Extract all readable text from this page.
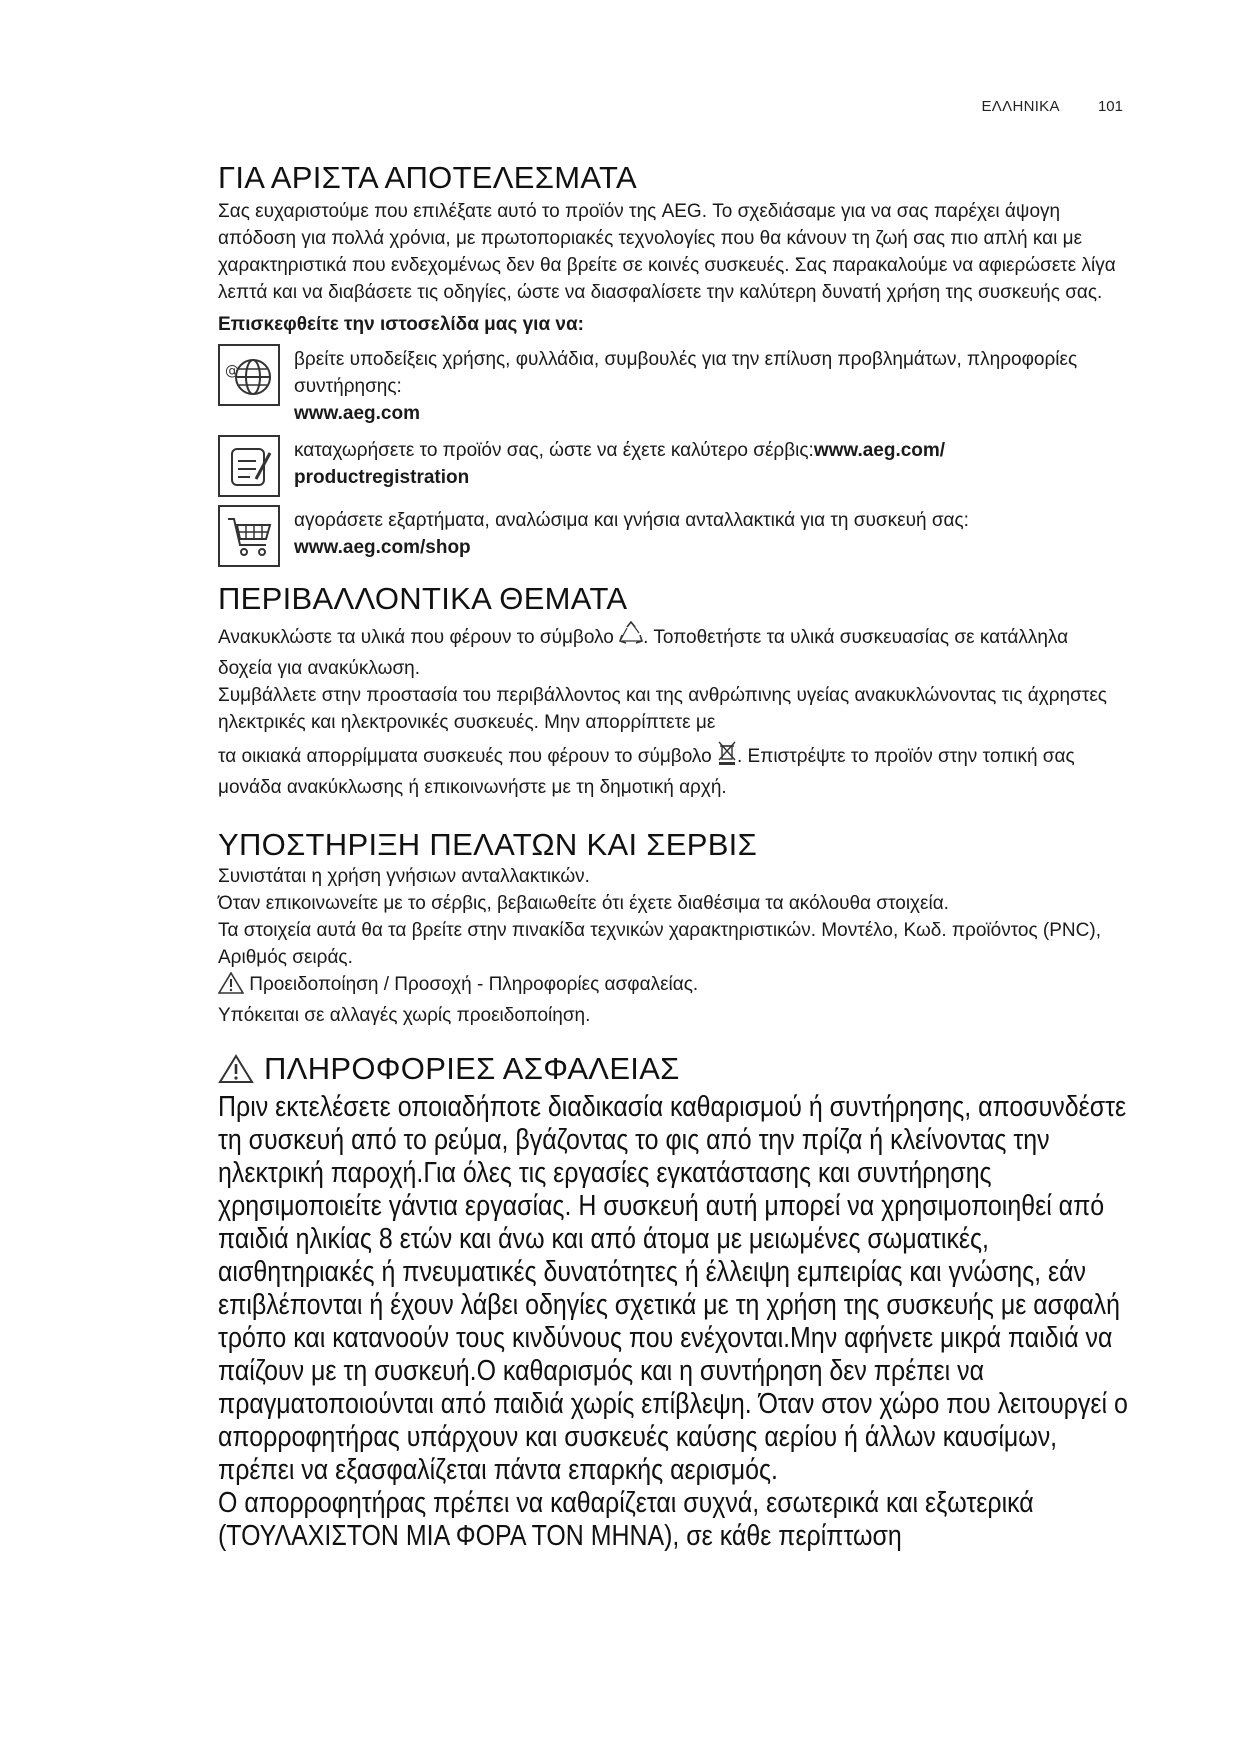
ΕΛΛΗΝΙΚΑ	101
ΓΙΑ ΑΡΙΣΤΑ ΑΠΟΤΕΛΕΣΜΑΤΑ

Σας ευχαριστούμε που επιλέξατε αυτό το προϊόν της AEG. Το σχεδιάσαμε για να σας παρέχει άψογη απόδοση για πολλά χρόνια, με πρωτοποριακές τεχνολογίες που θα κάνουν τη ζωή σας πιο απλή και με χαρακτηριστικά που ενδεχομένως δεν θα βρείτε σε κοινές συσκευές. Σας παρακαλούμε να αφιερώσετε λίγα λεπτά και να διαβάσετε τις οδηγίες, ώστε να διασφαλίσετε την καλύτερη δυνατή χρήση της συσκευής σας.

Επισκεφθείτε την ιστοσελίδα μας για να:
@
βρείτε υποδείξεις χρήσης, φυλλάδια, συμβουλές για την επίλυση προβλημάτων, πληροφορίες συντήρησης:
www.aeg.com
καταχωρήσετε το προϊόν σας, ώστε να έχετε καλύτερο σέρβις:www.aeg.com/ productregistration
αγοράσετε εξαρτήματα, αναλώσιμα και γνήσια ανταλλακτικά για τη συσκευή σας:
www.aeg.com/shop
ΠΕΡΙΒΑΛΛΟΝΤΙΚΑ ΘΕΜΑΤΑ

Ανακυκλώστε τα υλικά που φέρουν το σύμβολο . Τοποθετήστε τα υλικά συσκευασίας σε κατάλληλα δοχεία για ανακύκλωση.

Συμβάλλετε στην προστασία του περιβάλλοντος και της ανθρώπινης υγείας ανακυκλώνοντας τις άχρηστες ηλεκτρικές και ηλεκτρονικές συσκευές. Μην απορρίπτετε με

τα οικιακά απορρίμματα συσκευές που φέρουν το σύμβολο . Επιστρέψτε το προϊόν στην τοπική σας μονάδα ανακύκλωσης ή επικοινωνήστε με τη δημοτική αρχή.

ΥΠΟΣΤΗΡΙΞΗ ΠΕΛΑΤΩΝ ΚΑΙ ΣΕΡΒΙΣ

Συνιστάται η χρήση γνήσιων ανταλλακτικών.

Όταν επικοινωνείτε με το σέρβις, βεβαιωθείτε ότι έχετε διαθέσιμα τα ακόλουθα στοιχεία.

Τα στοιχεία αυτά θα τα βρείτε στην πινακίδα τεχνικών χαρακτηριστικών. Μοντέλο, Κωδ. προϊόντος (PNC), Αριθμός σειράς.

Προειδοποίηση / Προσοχή - Πληροφορίες ασφαλείας.

Υπόκειται σε αλλαγές χωρίς προειδοποίηση.

ΠΛΗΡΟΦΟΡΙΕΣ ΑΣΦΑΛΕΙΑΣ

Πριν εκτελέσετε οποιαδήποτε διαδικασία καθαρισμού ή συντήρησης, αποσυνδέστε τη συσκευή από το ρεύμα, βγάζοντας το φις από την πρίζα ή κλείνοντας την ηλεκτρική παροχή.Για όλες τις εργασίες εγκατάστασης και συντήρησης χρησιμοποιείτε γάντια εργασίας. Η συσκευή αυτή μπορεί να χρησιμοποιηθεί από παιδιά ηλικίας 8 ετών και άνω και από άτομα με μειωμένες σωματικές, αισθητηριακές ή πνευματικές δυνατότητες ή έλλειψη εμπειρίας και γνώσης, εάν επιβλέπονται ή έχουν λάβει οδηγίες σχετικά με τη χρήση της συσκευής με ασφαλή τρόπο και κατανοούν τους κινδύνους που ενέχονται.Μην αφήνετε μικρά παιδιά να παίζουν με τη συσκευή.Ο καθαρισμός και η συντήρηση δεν πρέπει να πραγματοποιούνται από παιδιά χωρίς επίβλεψη. Όταν στον χώρο που λειτουργεί ο απορροφητήρας υπάρχουν και συσκευές καύσης αερίου ή άλλων καυσίμων, πρέπει να εξασφαλίζεται πάντα επαρκής αερισμός.

Ο απορροφητήρας πρέπει να καθαρίζεται συχνά, εσωτερικά και εξωτερικά (ΤΟΥΛΑΧΙΣΤΟΝ ΜΙΑ ΦΟΡΑ ΤΟΝ ΜΗΝΑ), σε κάθε περίπτωση
